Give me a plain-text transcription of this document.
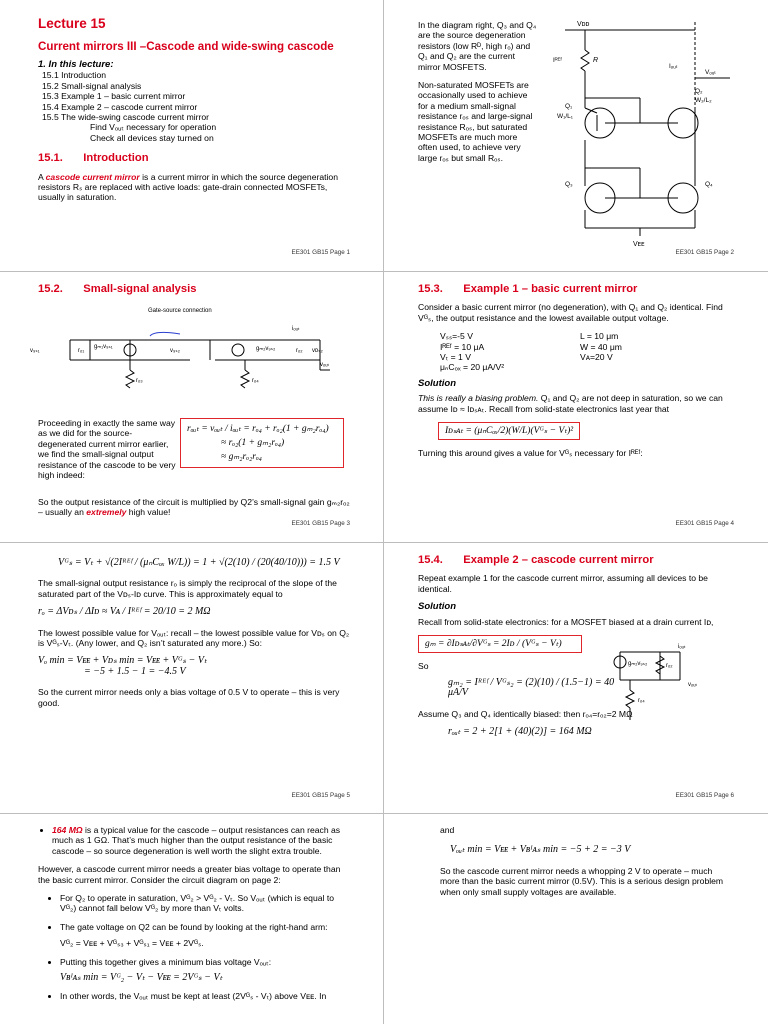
Lecture 15
Current mirrors III –Cascode and wide-swing cascode
1. In this lecture:
15.1 Introduction
15.2 Small-signal analysis
15.3 Example 1 – basic current mirror
15.4 Example 2 – cascode current mirror
15.5 The wide-swing cascode current mirror
Find Vₒᵤₜ necessary for operation
Check all devices stay turned on
15.1. Introduction

A cascode current mirror is a current mirror in which the source degeneration resistors Rₛ are replaced with active loads: gate-drain connected MOSFETs, usually in saturation.

EE301 GB15 Page 1

In the diagram right, Q₃ and Q₄ are the source degeneration resistors (low Rᴰ, high rₒ) and Q₁ and Q₂ are the current mirror MOSFETS.

Non-saturated MOSFETs are occasionally used to achieve for a medium small-signal resistance rₒₛ and large-signal resistance Rₒₛ, but saturated MOSFETs are much more often used, to achieve very large rₒₛ but small Rₒₛ.

Vᴅᴅ
R
Iᴿᴱᶠ
Iₒᵤₜ
Vₒᵤₜ
Q₁
W₁/L₁
Q₂
W₂/L₂
Q₃	Q₄
Vᴇᴇ
EE301 GB15 Page 2
15.2. Small-signal analysis
Gate-source connection
iₒᵤₜ
v₉ₛ₁	rₒ₁
gₘ₁v₉ₛ₁
v₉ₛ₂	gₘ₂v₉ₛ₂	rₒ₂ vᴅₛ₂
rₒ₃	rₒ₄
vₒᵤₜ

Proceeding in exactly the same way as we did for the source-degenerated current mirror earlier, we find the small-signal output resistance of the cascode to be very high indeed:

rₒᵤₜ = vₒᵤₜ / iₒᵤₜ = rₒ₄ + rₒ₂(1 + gₘ₂rₒ₄)
≈ rₒ₂(1 + gₘ₂rₒ₄)
≈ gₘ₂rₒ₂rₒ₄

So the output resistance of the circuit is multiplied by Q2’s small-signal gain gₘ₂rₒ₂ – usually an extremely high value!

EE301 GB15 Page 3
15.3. Example 1 – basic current mirror

Consider a basic current mirror (no degeneration), with Q₁ and Q₂ identical. Find Vᴳₛ, the output resistance and the lowest available output voltage.

Vₛₛ=-5 V
Iᴿᴱᶠ = 10 μA
Vₜ = 1 V
μₙCₒₓ = 20 μA/V²
L = 10 μm
W = 40 μm
Vᴀ=20 V
Solution

This is really a biasing problem. Q₁ and Q₂ are not deep in saturation, so we can assume Iᴅ ≈ Iᴅₛᴀₜ. Recall from solid-state electronics last year that

Iᴅₛᴀₜ = (μₙCₒₓ/2)(W/L)(Vᴳₛ − Vₜ)²

Turning this around gives a value for Vᴳₛ necessary for Iᴿᴱᶠ:

EE301 GB15 Page 4
Vᴳₛ = Vₜ + √(2Iᴿᴱᶠ / (μₙCₒₓ W/L)) = 1 + √(2(10) / (20(40/10))) = 1.5 V

The small-signal output resistance rₒ is simply the reciprocal of the slope of the saturated part of the Vᴅₛ-Iᴅ curve. This is approximately equal to

rₒ = ΔVᴅₛ / ΔIᴅ ≈ Vᴀ / Iᴿᴱᶠ = 20/10 = 2 MΩ

The lowest possible value for Vₒᵤₜ: recall – the lowest possible value for Vᴅₛ on Q₂ is Vᴳₛ-Vₜ. (Any lower, and Q₂ isn’t saturated any more.) So:

Vₒ min = Vᴇᴇ + Vᴅₛ min = Vᴇᴇ + Vᴳₛ − Vₜ
= −5 + 1.5 − 1 = −4.5 V

So the current mirror needs only a bias voltage of 0.5 V to operate – this is very good.

EE301 GB15 Page 5
15.4. Example 2 – cascode current mirror

Repeat example 1 for the cascode current mirror, assuming all devices to be identical.

Solution

Recall from solid-state electronics: for a MOSFET biased at a drain current Iᴅ,

gₘ = ∂Iᴅₛᴀₜ/∂Vᴳₛ = 2Iᴅ / (Vᴳₛ − Vₜ)
So
gₘ₂ = Iᴿᴱᶠ / Vᴳₛ₂ = (2)(10) / (1.5−1) = 40 μA/V

Assume Q₃ and Q₄ identically biased: then rₒ₄=rₒ₂=2 MΩ

rₒᵤₜ = 2 + 2[1 + (40)(2)] = 164 MΩ
iₒᵤₜ
gₘ₂v₉ₛ₂	rₒ₂
vₒᵤₜ
rₒ₄
EE301 GB15 Page 6
• 164 MΩ is a typical value for the cascode – output resistances can reach as much as 1 GΩ. That’s much higher than the output resistance of the basic cascode – so source degeneration is well worth the slight extra trouble.

However, a cascode current mirror needs a greater bias voltage to operate than the basic current mirror. Consider the circuit diagram on page 2:

• For Q₂ to operate in saturation, Vᴳ₂ > Vᴳ₂ - Vₜ. So Vₒᵤₜ (which is equal to Vᴳ₂) cannot fall below Vᴳ₂ by more than Vₜ volts.
• The gate voltage on Q2 can be found by looking at the right-hand arm:
Vᴳ₂ = Vᴇᴇ + Vᴳₛ₃ + Vᴳₛ₁ = Vᴇᴇ + 2Vᴳₛ.
• Putting this together gives a minimum bias voltage Vₒᵤₜ:
Vʙᴵᴀₛ min = Vᴳ₂ − Vₜ − Vᴇᴇ = 2Vᴳₛ − Vₜ
• In other words, the Vₒᵤₜ must be kept at least (2Vᴳₛ - Vₜ) above Vᴇᴇ. In
and
Vₒᵤₜ min = Vᴇᴇ + Vʙᴵᴀₛ min = −5 + 2 = −3 V

So the cascode current mirror needs a whopping 2 V to operate – much more than the basic current mirror (0.5V). This is a serious design problem when only small supply voltages are available.
